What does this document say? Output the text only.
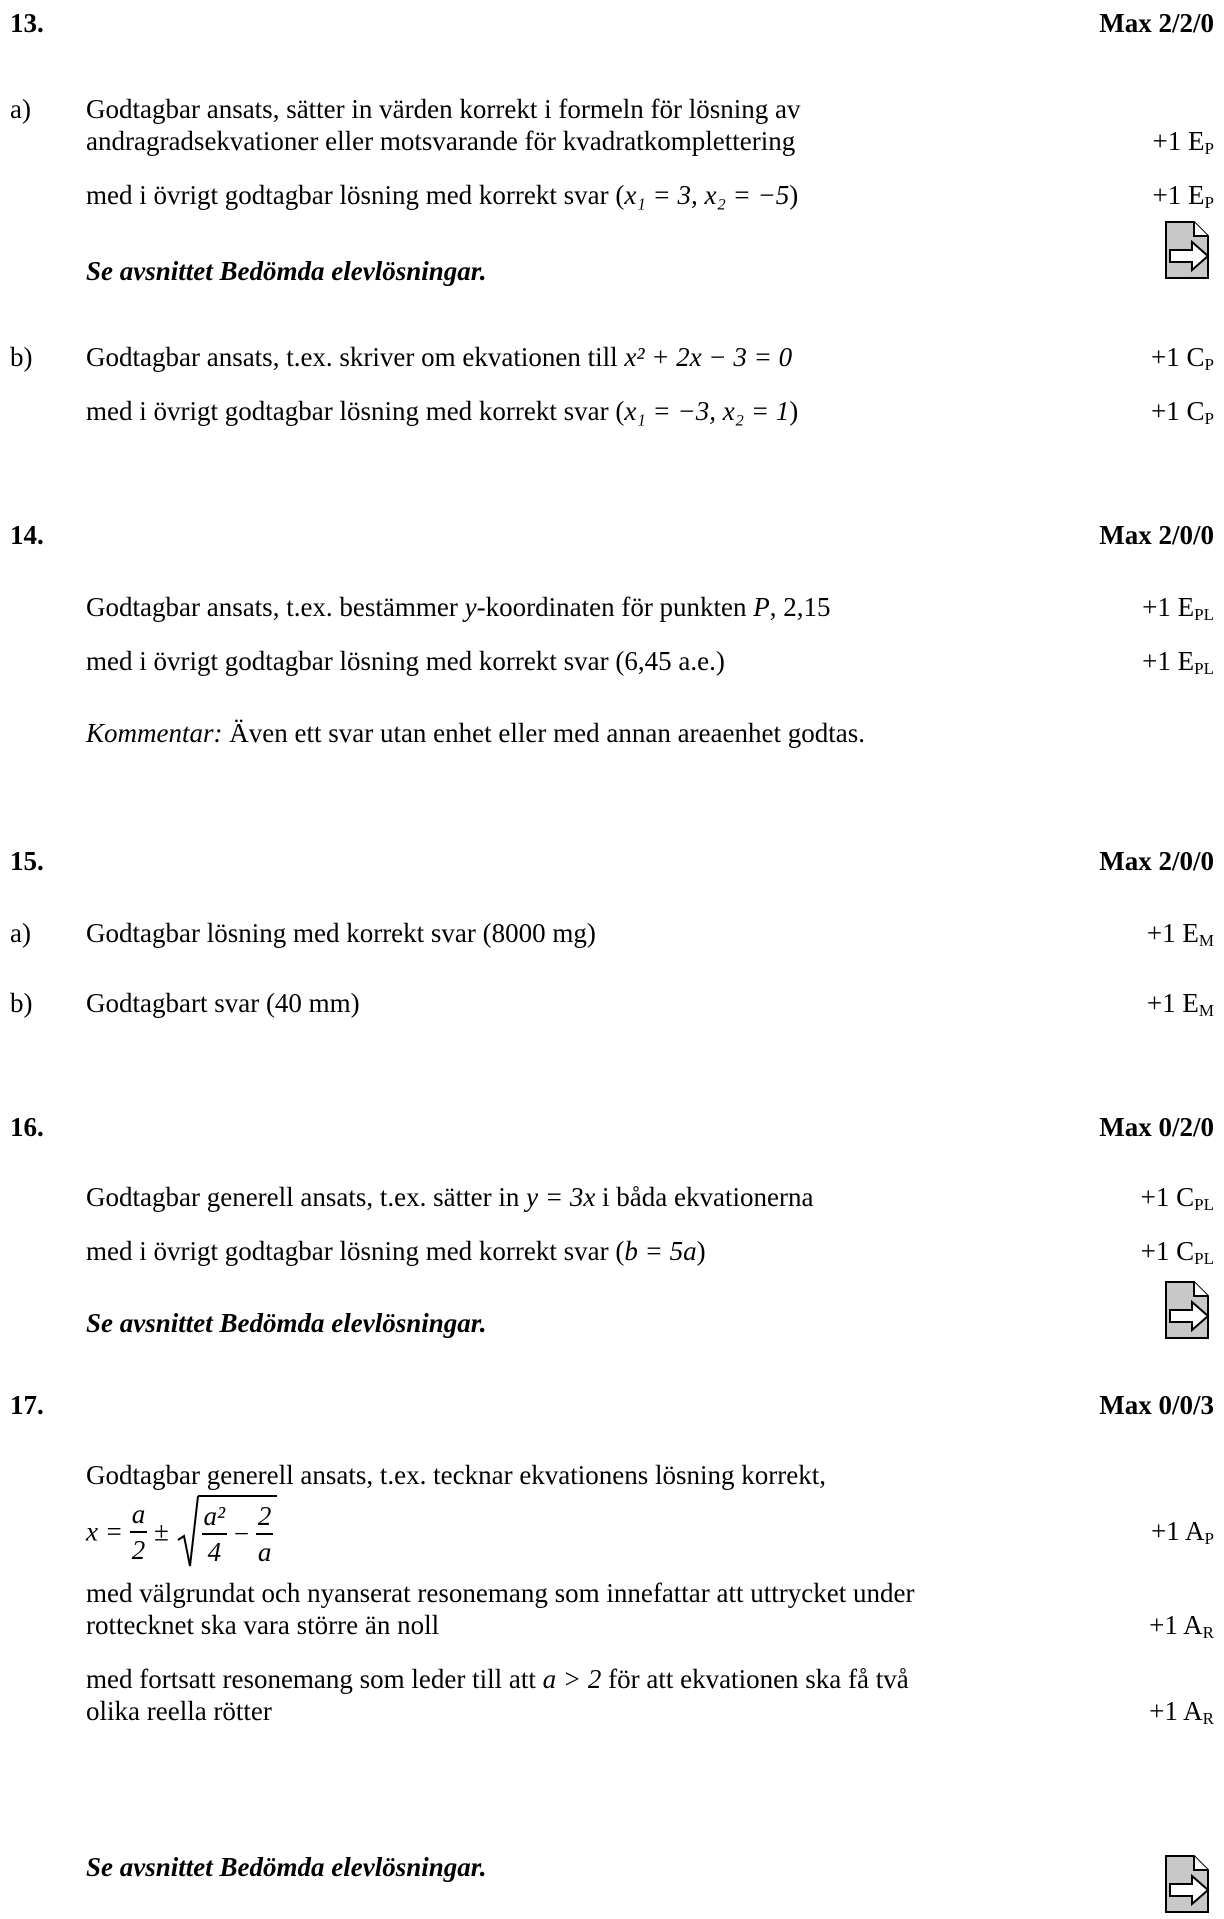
13.	Max 2/2/0
a) Godtagbar ansats, sätter in värden korrekt i formeln för lösning av
andragradsekvationer eller motsvarande för kvadratkomplettering	+1 $E_P$
med i övrigt godtagbar lösning med korrekt svar (x₁ = 3, x₂ = −5)	+1 $E_P$
Se avsnittet Bedömda elevlösningar.
b) Godtagbar ansats, t.ex. skriver om ekvationen till x² + 2x − 3 = 0	+1 $C_P$
med i övrigt godtagbar lösning med korrekt svar (x₁ = −3, x₂ = 1)	+1 $C_P$
14.	Max 2/0/0
Godtagbar ansats, t.ex. bestämmer y-koordinaten för punkten P, 2,15	+1 $E_{PL}$
med i övrigt godtagbar lösning med korrekt svar (6,45 a.e.)	+1 $E_{PL}$
Kommentar: Även ett svar utan enhet eller med annan areaenhet godtas.
15.	Max 2/0/0
a) Godtagbar lösning med korrekt svar (8000 mg)	+1 $E_M$
b) Godtagbart svar (40 mm)	+1 $E_M$
16.	Max 0/2/0
Godtagbar generell ansats, t.ex. sätter in y = 3x i båda ekvationerna	+1 $C_{PL}$
med i övrigt godtagbar lösning med korrekt svar (b = 5a)	+1 $C_{PL}$
Se avsnittet Bedömda elevlösningar.
17.	Max 0/0/3
Godtagbar generell ansats, t.ex. tecknar ekvationens lösning korrekt,
$x = \frac{a}{2} \pm \frac{\text{a²}}{4} - \frac{2}{a}$	+1 $A_P$
med välgrundat och nyanserat resonemang som innefattar att uttrycket under
rottecknet ska vara större än noll	+1 $A_R$
med fortsatt resonemang som leder till att a > 2 för att ekvationen ska få två
olika reella rötter	+1 $A_R$
Se avsnittet Bedömda elevlösningar.
